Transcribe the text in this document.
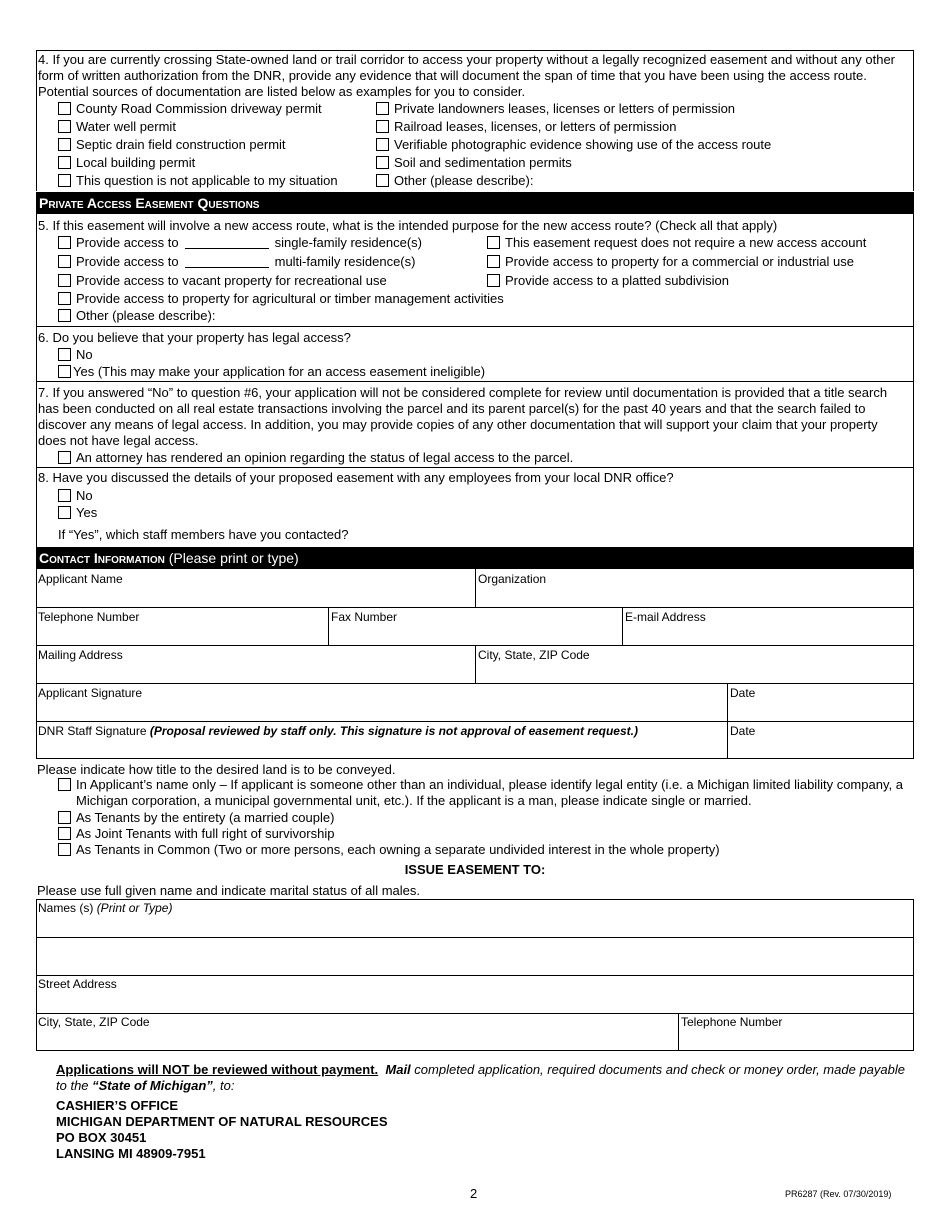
4. If you are currently crossing State-owned land or trail corridor to access your property without a legally recognized easement and without any other form of written authorization from the DNR, provide any evidence that will document the span of time that you have been using the access route. Potential sources of documentation are listed below as examples for you to consider.
County Road Commission driveway permit
Water well permit
Septic drain field construction permit
Local building permit
This question is not applicable to my situation
Private landowners leases, licenses or letters of permission
Railroad leases, licenses, or letters of permission
Verifiable photographic evidence showing use of the access route
Soil and sedimentation permits
Other (please describe):
Private Access Easement Questions
5. If this easement will involve a new access route, what is the intended purpose for the new access route? (Check all that apply)
Provide access to	single-family residence(s)
Provide access to	multi-family residence(s)
Provide access to vacant property for recreational use
Provide access to property for agricultural or timber management activities
Other (please describe):
This easement request does not require a new access account
Provide access to property for a commercial or industrial use
Provide access to a platted subdivision
6. Do you believe that your property has legal access?
No
Yes (This may make your application for an access easement ineligible)
7. If you answered “No” to question #6, your application will not be considered complete for review until documentation is provided that a title search has been conducted on all real estate transactions involving the parcel and its parent parcel(s) for the past 40 years and that the search failed to discover any means of legal access. In addition, you may provide copies of any other documentation that will support your claim that your property does not have legal access.
An attorney has rendered an opinion regarding the status of legal access to the parcel.
8. Have you discussed the details of your proposed easement with any employees from your local DNR office?
No
Yes
If “Yes”, which staff members have you contacted?
Contact Information (Please print or type)
Applicant Name	Organization
Telephone Number	Fax Number	E-mail Address
Mailing Address	City, State, ZIP Code
Applicant Signature	Date
DNR Staff Signature (Proposal reviewed by staff only. This signature is not approval of easement request.)	Date
Please indicate how title to the desired land is to be conveyed.
In Applicant’s name only – If applicant is someone other than an individual, please identify legal entity (i.e. a Michigan limited liability company, a Michigan corporation, a municipal governmental unit, etc.). If the applicant is a man, please indicate single or married.
As Tenants by the entirety (a married couple)
As Joint Tenants with full right of survivorship
As Tenants in Common (Two or more persons, each owning a separate undivided interest in the whole property)
ISSUE EASEMENT TO:
Please use full given name and indicate marital status of all males.
Names (s) (Print or Type)
Street Address
City, State, ZIP Code	Telephone Number
Applications will NOT be reviewed without payment. Mail completed application, required documents and check or money order, made payable to the “State of Michigan”, to:
CASHIER’S OFFICE
MICHIGAN DEPARTMENT OF NATURAL RESOURCES
PO BOX 30451
LANSING MI 48909-7951
2	PR6287 (Rev. 07/30/2019)
